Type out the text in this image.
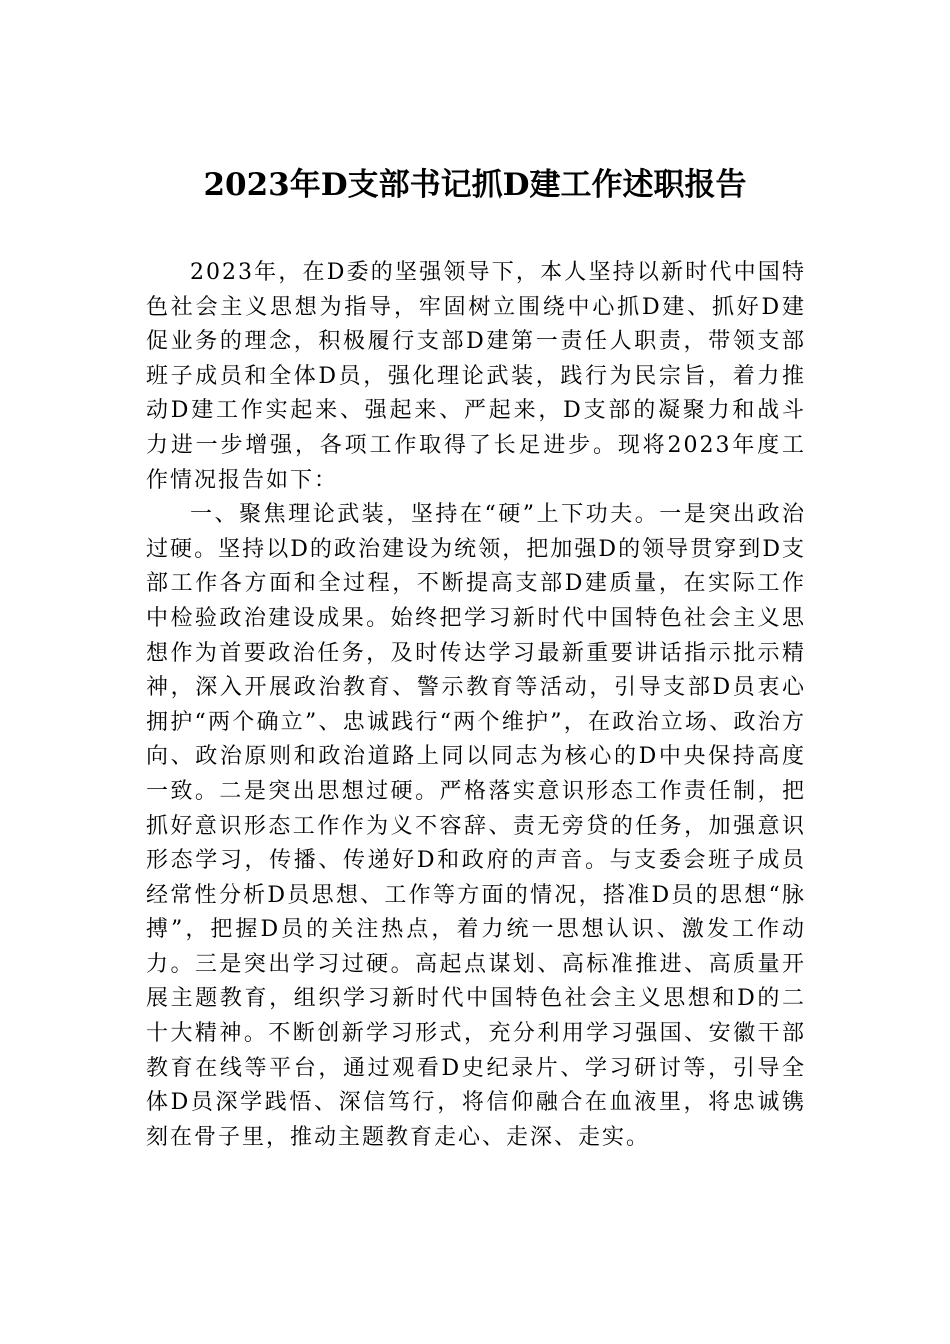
2023年D支部书记抓D建工作述职报告

2023年，在D委的坚强领导下，本人坚持以新时代中国特色社会主义思想为指导，牢固树立围绕中心抓D建、抓好D建促业务的理念，积极履行支部D建第一责任人职责，带领支部班子成员和全体D员，强化理论武装，践行为民宗旨，着力推动D建工作实起来、强起来、严起来，D支部的凝聚力和战斗力进一步增强，各项工作取得了长足进步。现将2023年度工作情况报告如下：

一、聚焦理论武装，坚持在“硬”上下功夫。一是突出政治过硬。坚持以D的政治建设为统领，把加强D的领导贯穿到D支部工作各方面和全过程，不断提高支部D建质量，在实际工作中检验政治建设成果。始终把学习新时代中国特色社会主义思想作为首要政治任务，及时传达学习最新重要讲话指示批示精神，深入开展政治教育、警示教育等活动，引导支部D员衷心拥护“两个确立”、忠诚践行“两个维护”，在政治立场、政治方向、政治原则和政治道路上同以同志为核心的D中央保持高度一致。二是突出思想过硬。严格落实意识形态工作责任制，把抓好意识形态工作作为义不容辞、责无旁贷的任务，加强意识形态学习，传播、传递好D和政府的声音。与支委会班子成员经常性分析D员思想、工作等方面的情况，搭准D员的思想“脉搏”，把握D员的关注热点，着力统一思想认识、激发工作动力。三是突出学习过硬。高起点谋划、高标准推进、高质量开展主题教育，组织学习新时代中国特色社会主义思想和D的二十大精神。不断创新学习形式，充分利用学习强国、安徽干部教育在线等平台，通过观看D史纪录片、学习研讨等，引导全体D员深学践悟、深信笃行，将信仰融合在血液里，将忠诚镌刻在骨子里，推动主题教育走心、走深、走实。
